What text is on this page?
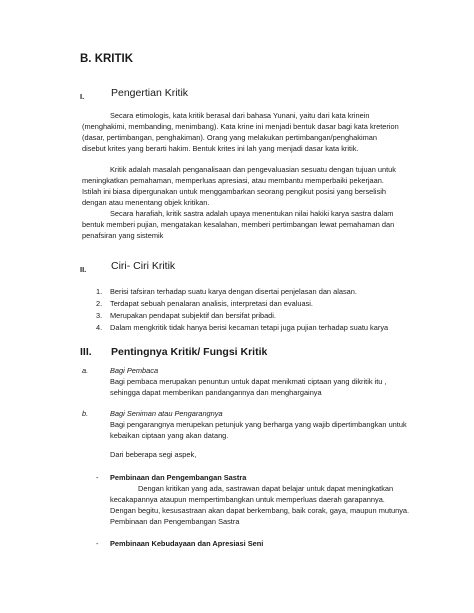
B. KRITIK
I.	Pengertian Kritik
Secara etimologis, kata kritik berasal dari bahasa Yunani, yaitu dari kata krinein
(menghakimi, membanding, menimbang). Kata krine ini menjadi bentuk dasar bagi kata kreterion
(dasar, pertimbangan, penghakiman). Orang yang melakukan pertimbangan/penghakiman
disebut krites yang berarti hakim. Bentuk krites ini lah yang menjadi dasar kata kritik.
Kritik adalah masalah penganalisaan dan pengevaluasian sesuatu dengan tujuan untuk
meningkatkan pemahaman, memperluas apresiasi, atau membantu memperbaiki pekerjaan.
Istilah ini biasa dipergunakan untuk menggambarkan seorang pengikut posisi yang berselisih
dengan atau menentang objek kritikan.
Secara harafiah, kritik sastra adalah upaya menentukan nilai hakiki karya sastra dalam
bentuk memberi pujian, mengatakan kesalahan, memberi pertimbangan lewat pemahaman dan
penafsiran yang sistemik
II. Ciri- Ciri Kritik
1. Berisi tafsiran terhadap suatu karya dengan disertai penjelasan dan alasan.
2. Terdapat sebuah penalaran analisis, interpretasi dan evaluasi.
3. Merupakan pendapat subjektif dan bersifat pribadi.
4. Dalam mengkritik tidak hanya berisi kecaman tetapi juga pujian terhadap suatu karya
III. Pentingnya Kritik/ Fungsi Kritik
a.	Bagi Pembaca
Bagi pembaca merupakan penuntun untuk dapat menikmati ciptaan yang dikritik itu ,
sehingga dapat memberikan pandangannya dan menghargainya
b.	Bagi Seniman atau Pengarangnya
Bagi pengarangnya merupekan petunjuk yang berharga yang wajib dipertimbangkan untuk
kebaikan ciptaan yang akan datang.
Dari beberapa segi aspek,
- Pembinaan dan Pengembangan Sastra
Dengan kritikan yang ada, sastrawan dapat belajar untuk dapat meningkatkan
kecakapannya ataupun mempertimbangkan untuk memperluas daerah garapannya.
Dengan begitu, kesusastraan akan dapat berkembang, baik corak, gaya, maupun mutunya.
Pembinaan dan Pengembangan Sastra
- Pembinaan Kebudayaan dan Apresiasi Seni
